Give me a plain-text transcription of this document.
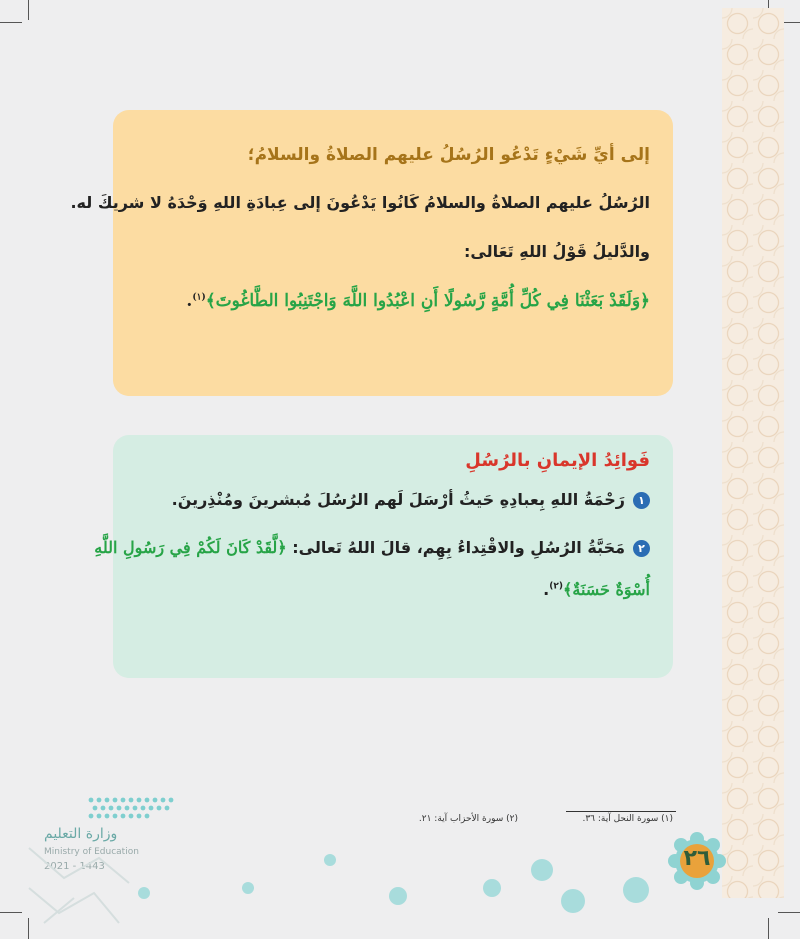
إلى أيِّ شَيْءٍ تَدْعُو الرُسُلُ عليهم الصلاةُ والسلامُ؛
الرُسُلُ عليهم الصلاةُ والسلامُ كَانُوا يَدْعُونَ إلى عِبادَةِ اللهِ وَحْدَهُ لا شريكَ له.
والدَّليلُ قَوْلُ اللهِ تَعَالى:
﴿وَلَقَدْ بَعَثْنَا فِي كُلِّ أُمَّةٍ رَّسُولًا أَنِ اعْبُدُوا اللَّهَ وَاجْتَنِبُوا الطَّاغُوتَ﴾$^{(١)}$.
فَوائِدُ الإيمانِ بالرُسُلِ
١رَحْمَةُ اللهِ بِعبادِهِ حَيثُ أرْسَلَ لَهم الرُسُلَ مُبشرينَ ومُنْذِرينَ.
٢مَحَبَّةُ الرُسُلِ والاقْتِداءُ بِهِم، قالَ اللهُ تَعالى: ﴿لَّقَدْ كَانَ لَكُمْ فِي رَسُولِ اللَّهِ
أُسْوَةٌ حَسَنَةٌ﴾$^{(٢)}$.
(١) سورة النحل آية: ٣٦.
(٢) سورة الأحزاب آية: ٢١.
٢٦
وزارة التعليم
Ministry of Education
2021 - 1443
